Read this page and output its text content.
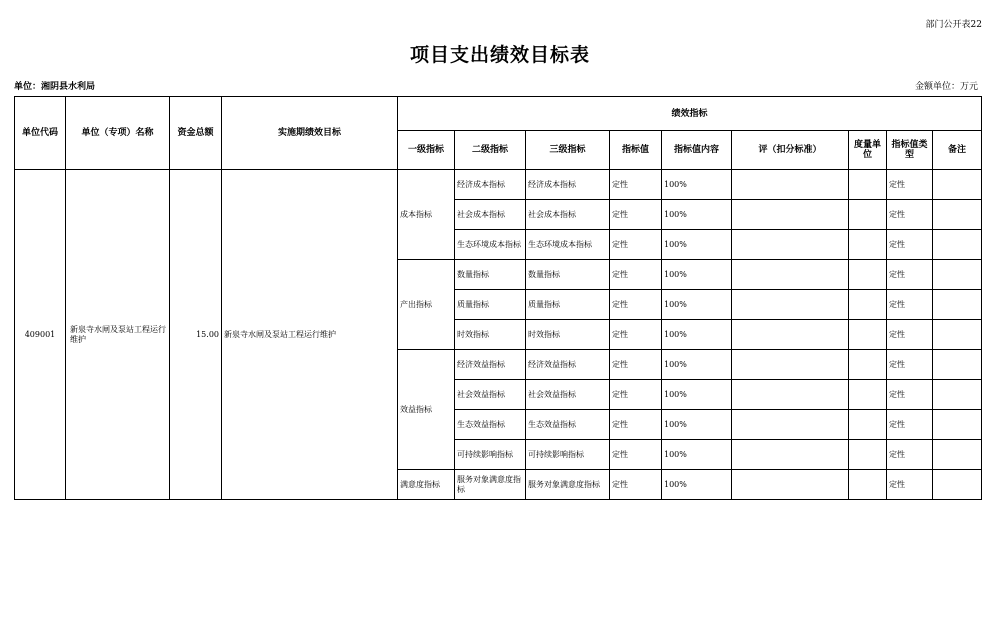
部门公开表22
项目支出绩效目标表
单位：湘阴县水利局	金额单位：万元
单位代码	单位（专项）名称	资金总额	实施期绩效目标	绩效指标								
				一级指标	二级指标	三级指标	指标值	指标值内容	评（扣分标准）	度量单位	指标值类型	备注
409001	新泉寺水闸及泵站工程运行维护	15.00	新泉寺水闸及泵站工程运行维护	成本指标	经济成本指标	经济成本指标	定性	100%			定性	
					社会成本指标	社会成本指标	定性	100%			定性	
					生态环境成本指标	生态环境成本指标	定性	100%			定性	
				产出指标	数量指标	数量指标	定性	100%			定性	
					质量指标	质量指标	定性	100%			定性	
					时效指标	时效指标	定性	100%			定性	
				效益指标	经济效益指标	经济效益指标	定性	100%			定性	
					社会效益指标	社会效益指标	定性	100%			定性	
					生态效益指标	生态效益指标	定性	100%			定性	
					可持续影响指标	可持续影响指标	定性	100%			定性	
				满意度指标	服务对象满意度指标	服务对象满意度指标	定性	100%			定性	
